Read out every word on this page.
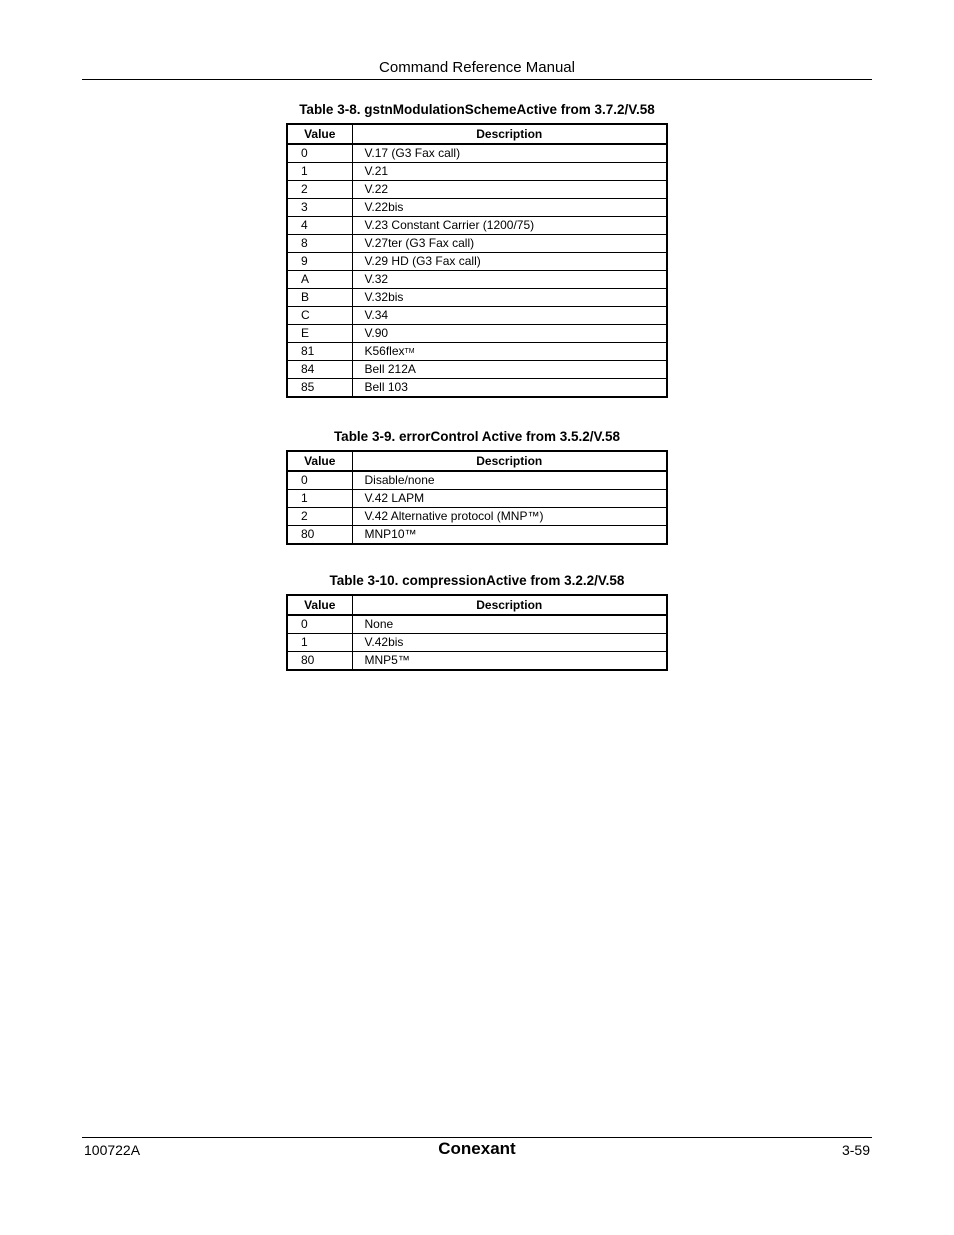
Command Reference Manual
Table 3-8. gstnModulationSchemeActive from 3.7.2/V.58
Value	Description
0	V.17 (G3 Fax call)
1	V.21
2	V.22
3	V.22bis
4	V.23 Constant Carrier (1200/75)
8	V.27ter (G3 Fax call)
9	V.29 HD (G3 Fax call)
A	V.32
B	V.32bis
C	V.34
E	V.90
81	K56flexTM
84	Bell 212A
85	Bell 103
Table 3-9. errorControl Active from 3.5.2/V.58
Value	Description
0	Disable/none
1	V.42 LAPM
2	V.42 Alternative protocol (MNP™)
80	MNP10™
Table 3-10. compressionActive from 3.2.2/V.58
Value	Description
0	None
1	V.42bis
80	MNP5™
100722A	Conexant	3-59
